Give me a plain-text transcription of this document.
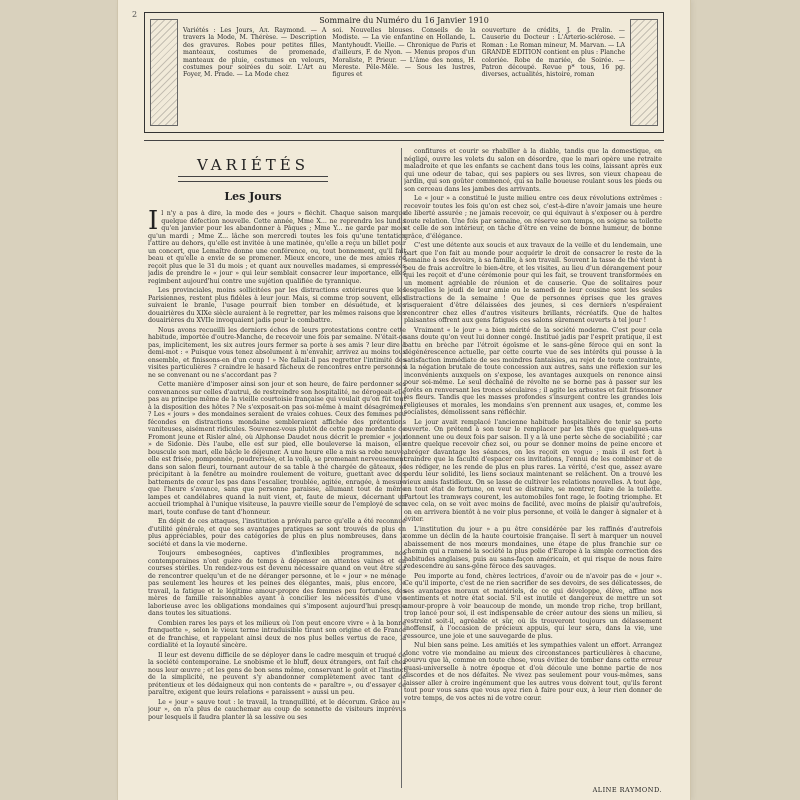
2
Sommaire du Numéro du 16 Janvier 1910
Variétés : Les Jours, Aл. Raymond. — A travers la Mode, M. Thérèse. — Description des gravures. Robes pour petites filles, manteaux, costumes de promenade, manteaux de pluie, costumes en velours, costumes pour soirées du soir. L'Art au Foyer, M. Prade. — La Mode chez
soi. Nouvelles blouses. Conseils de la Modiste. — La vie enfantine en Hollande, L. Mantyhoudt. Vieille. — Chronique de Paris et d'ailleurs, F. de Nyon. — Menus propos d'un Moraliste, P. Prieur. — L'âme des noms, H. Mereste. Pêle-Mêle. — Sous les lustres, figures et
couverture de crédits, J. de Pralin. — Causerie du Docteur : L'Arterio-sclérose. — Roman : Le Roman mineur, M. Marvan. — LA GRANDE EDITION contient en plus : Planche coloriée. Robe de mariée, de Soirée. — Patron découpé. Revue p* tous, 16 pg. diverses, actualités, histoire, roman
VARIÉTÉS
Les Jours

Il n'y a pas à dire, la mode des « jours » fléchit. Chaque saison marque quelque défection nouvelle. Cette année, Mme X... ne reprendra les lundis qu'en janvier pour les abandonner à Pâques ; Mme Y... ne garde par mois qu'un mardi ; Mme Z... lâche son mercredi toutes les fois qu'une tentation l'attire au dehors, qu'elle est invitée à une matinée, qu'elle a reçu un billet pour un concert, que Lemaître donne une conférence, ou, tout bonnement, qu'il fait beau et qu'elle a envie de se promener. Mieux encore, une de mes amies ne reçoit plus que le 31 du mois ; et quant aux nouvelles madames, si empressées jadis de prendre le « jour » qui leur semblait consacrer leur importance, elles regimbent aujourd'hui contre une sujétion qualifiée de tyrannique.

Les provinciales, moins sollicitées par les distractions extérieures que les Parisiennes, restent plus fidèles à leur jour. Mais, si comme trop souvent, elles suivaient le branle, l'usage pourrait bien tomber en désuétude, et les douairières du XIXe siècle auraient à le regretter, par les mêmes raisons que les douairières du XVIIe invoquaient jadis pour le combattre.

Nous avons recueilli les derniers échos de leurs protestations contre cette habitude, importée d'outre-Manche, de recevoir une fois par semaine. N'était-ce pas, implicitement, les six autres jours fermer sa porte à ses amis ? leur dire à demi-mot : « Puisque vous tenez absolument à m'envahir, arrivez au moins tous ensemble, et finissons-en d'un coup ! » Ne fallait-il pas regretter l'intimité des visites particulières ? craindre le hasard fâcheux de rencontres entre personnes ne se convenant ou ne s'accordant pas ?

Cette manière d'imposer ainsi son jour et son heure, de faire perdonner ses convenances sur celles d'autrui, de restreindre son hospitalité, ne dérogeait-elle pas au principe même de la vieille courtoisie française qui voulait qu'on fût tout à la disposition des hôtes ? Ne s'exposait-on pas soi-même à maint désagrément ? Les « jours » des mondaines seraient de vraies cohues. Ceux des femmes peu fécondes en distractions mondaine sembleraient affichée des prétentions vaniteuses, aisément ridicules. Souvenez-vous plutôt de cette page mordante de Fromont jeune et Risler aîné, où Alphonse Daudet nous décrit le premier « jour » de Sidonie. Dès l'aube, elle est sur pied, elle bouleverse la maison, elle bouscule son mari, elle bâcle le déjeuner. A une heure elle a mis sa robe neuve, elle est frisée, pomponnée, poudrerisée, et la voilà, se promenant nerveusement dans son salon fleuri, tournant autour de sa table à thé chargée de gâteaux, se précipitant à la fenêtre au moindre roulement de voiture, guettant avec des battements de cœur les pas dans l'escalier, troublée, agitée, enragée, à mesure que l'heure s'avance, sans que personne paraisse, allumant tout de même lampes et candélabres quand la nuit vient, et, faute de mieux, décernant un accueil triomphal à l'unique visiteuse, la pauvre vieille sœur de l'employé de son mari, toute confuse de tant d'honneur.

En dépit de ces attaques, l'institution a prévalu parce qu'elle a été reconnue d'utilité générale, et que ses avantages pratiques se sont trouvés de plus en plus appréciables, pour des catégories de plus en plus nombreuses, dans la société et dans la vie moderne.

Toujours embesognées, captives d'inflexibles programmes, nos contemporaines n'ont guère de temps à dépenser en attentes vaines et en courses stériles. Un rendez-vous est devenu nécessaire quand on veut être sûr de rencontrer quelqu'un et de ne déranger personne, et le « jour » ne ménage pas seulement les heures et les peines des élégantes, mais, plus encore, le travail, la fatigue et le légitime amour-propre des femmes peu fortunées, des mères de famille raisonnables ayant à concilier les nécessités d'une vie laborieuse avec les obligations mondaines qui s'imposent aujourd'hui presque dans toutes les situations.

Combien rares les pays et les milieux où l'on peut encore vivre « à la bonne franquette », selon le vieux terme intraduisible tirant son origine et de France et de franchise, et rappelant ainsi deux de nos plus belles vertus de race, la cordialité et la loyauté sincère.

Il leur est devenu difficile de se déployer dans le cadre mesquin et truqué de la société contemporaine. Le snobisme et le bluff, deux étrangers, ont fait chez nous leur œuvre ; et les gens de bon sens même, conservant le goût et l'instinct de la simplicité, ne peuvent s'y abandonner complètement avec tant de prétentieux et les dédaigneux qui non contents de « paraître », ou d'essayer de paraître, exigent que leurs relations « paraissent » aussi un peu.

Le « jour » sauve tout : le travail, la tranquillité, et le décorum. Grâce au « jour », on n'a plus de cauchemar au coup de sonnette de visiteurs imprévus pour lesquels il faudra planter là sa lessive ou ses

confitures et courir se rhabiller à la diable, tandis que la domestique, en négligé, ouvre les volets du salon en désordre, que le mari opère une retraite maladroite et que les enfants se cachent dans tous les coins, laissant après eux qui une odeur de tabac, qui ses papiers ou ses livres, son vieux chapeau de jardin, qui son goûter commencé, qui sa balle boueuse roulant sous les pieds ou son cerceau dans les jambes des arrivants.

Le « jour » a constitué le juste milieu entre ces deux révolutions extrêmes : recevoir toutes les fois qu'on est chez soi, c'est-à-dire n'avoir jamais une heure de liberté assurée ; ne jamais recevoir, ce qui équivaut à s'exposer ou à perdre toute relation. Une fois par semaine, on réserve son temps, on soigne sa toilette et celle de son intérieur, on tâche d'être en veine de bonne humeur, de bonne grâce, d'élégance.

C'est une détente aux soucis et aux travaux de la veille et du lendemain, une part que l'on fait au monde pour acquérir le droit de consacrer le reste de la semaine à ses devoirs, à sa famille, à son travail. Souvent la tasse de thé vient à peu de frais accroître le bien-être, et les visites, au lieu d'un dérangement pour qui les reçoit et d'une cérémonie pour qui les fait, se trouvent transformées en un moment agréable de réunion et de causerie. Que de solitaires pour lesquelles le jeudi de leur amie ou le samedi de leur cousine sont les seules distractions de la semaine ! Que de personnes éprises que les graves risqueraient d'être délaissées des jeunes, si ces derniers n'espéraient rencontrer chez elles d'autres visiteurs brillants, récréatifs. Que de haltes plaisantes offrent aux gens fatigués ces salons sûrement ouverts à tel jour !

Vraiment « le jour » a bien mérité de la société moderne. C'est pour cela sans doute qu'on veut lui donner congé. Institué jadis par l'esprit pratique, il est battu en brèche par l'étroit égoïsme et le sans-gêne féroce qui en sont la dégénérescence actuelle, par cette courte vue de ses intérêts qui pousse à la satisfaction immédiate de ses moindres fantaisies, au rejet de toute contrainte, à la négation brutale de toute concession aux autres, sans une réflexion sur les inconvénients auxquels on s'expose, les avantages auxquels on renonce ainsi pour soi-même. Le seul déchaîné de révolte ne se borne pas à passer sur les forêts en renversant les troncs séculaires ; il agite les arbustes et fait frissonner les fleurs. Tandis que les masses profondes s'insurgent contre les grandes lois religieuses et morales, les mondains s'en prennent aux usages, et, comme les socialistes, démolissent sans réfléchir.

Le jour avait remplacé l'ancienne habitude hospitalière de tenir sa porte ouverte. On prétend à son tour le remplacer par les thés que quelques-uns donnent une ou deux fois par saison. Il y a là une perte sèche de sociabilité ; car entre quelque recevoir chez soi, ou pour se donner moins de peine encore et abréger davantage les séances, on les reçoit en vogue ; mais il est fort à craindre que la faculté d'espacer ces invitations, l'ennui de les combiner et de les rédiger, ne les rende de plus en plus rares. La vérité, c'est que, assez avare perdu leur solidité, les liens sociaux maintenant se relâchent. On a trouvé les vieux amis fastidieux. On se lasse de cultiver les relations nouvelles. A tout âge, en tout état de fortune, on veut se distraire, se montrer, faire de la toilette. Partout les tramways courent, les automobiles font rage, le footing triomphe. Et avec cela, on se voit avec moins de facilité, avec moins de plaisir qu'autrefois, on en arrivera bientôt à ne voir plus personne, et voilà le danger à signaler et à éviter.

L'institution du jour » a pu être considérée par les raffinés d'autrefois comme un déclin de la haute courtoisie française. Il sert à marquer un nouvel abaissement de nos mœurs mondaines, une étape de plus franchie sur ce chemin qui a ramené la société la plus polie d'Europe à la simple correction des habitudes anglaises, puis au sans-façon américain, et qui risque de nous faire redescendre au sans-gêne féroce des sauvages.

Peu importe au fond, chères lectrices, d'avoir ou de n'avoir pas de « jour ». Ce qu'il importe, c'est de ne rien sacrifier de ses devoirs, de ses délicatesses, de ses avantages moraux et matériels, de ce qui développe, élève, affine nos sentiments et notre état social. S'il est inutile et dangereux de mettre un sot amour-propre à voir beaucoup de monde, un monde trop riche, trop brillant, trop lancé pour soi, il est indispensable de créer autour des siens un milieu, si restreint soit-il, agréable et sûr, où ils trouveront toujours un délassement inoffensif, à l'occasion de précieux appuis, qui leur sera, dans la vie, une ressource, une joie et une sauvegarde de plus.

Nul bien sans peine. Les amitiés et les sympathies valent un effort. Arrangez donc votre vie mondaine au mieux des circonstances particulières à chacune, pourvu que là, comme en toute chose, vous évitiez de tomber dans cette erreur quasi-universelle à notre époque et d'où découle une bonne partie de nos discordes et de nos défaites. Ne vivez pas seulement pour vous-mêmes, sans laisser aller à croire ingénument que les autres vous doivent tout, qu'ils feront tout pour vous sans que vous ayez rien à faire pour eux, à leur rien donner de votre temps, de vos actes ni de votre cœur.

ALINE RAYMOND.
